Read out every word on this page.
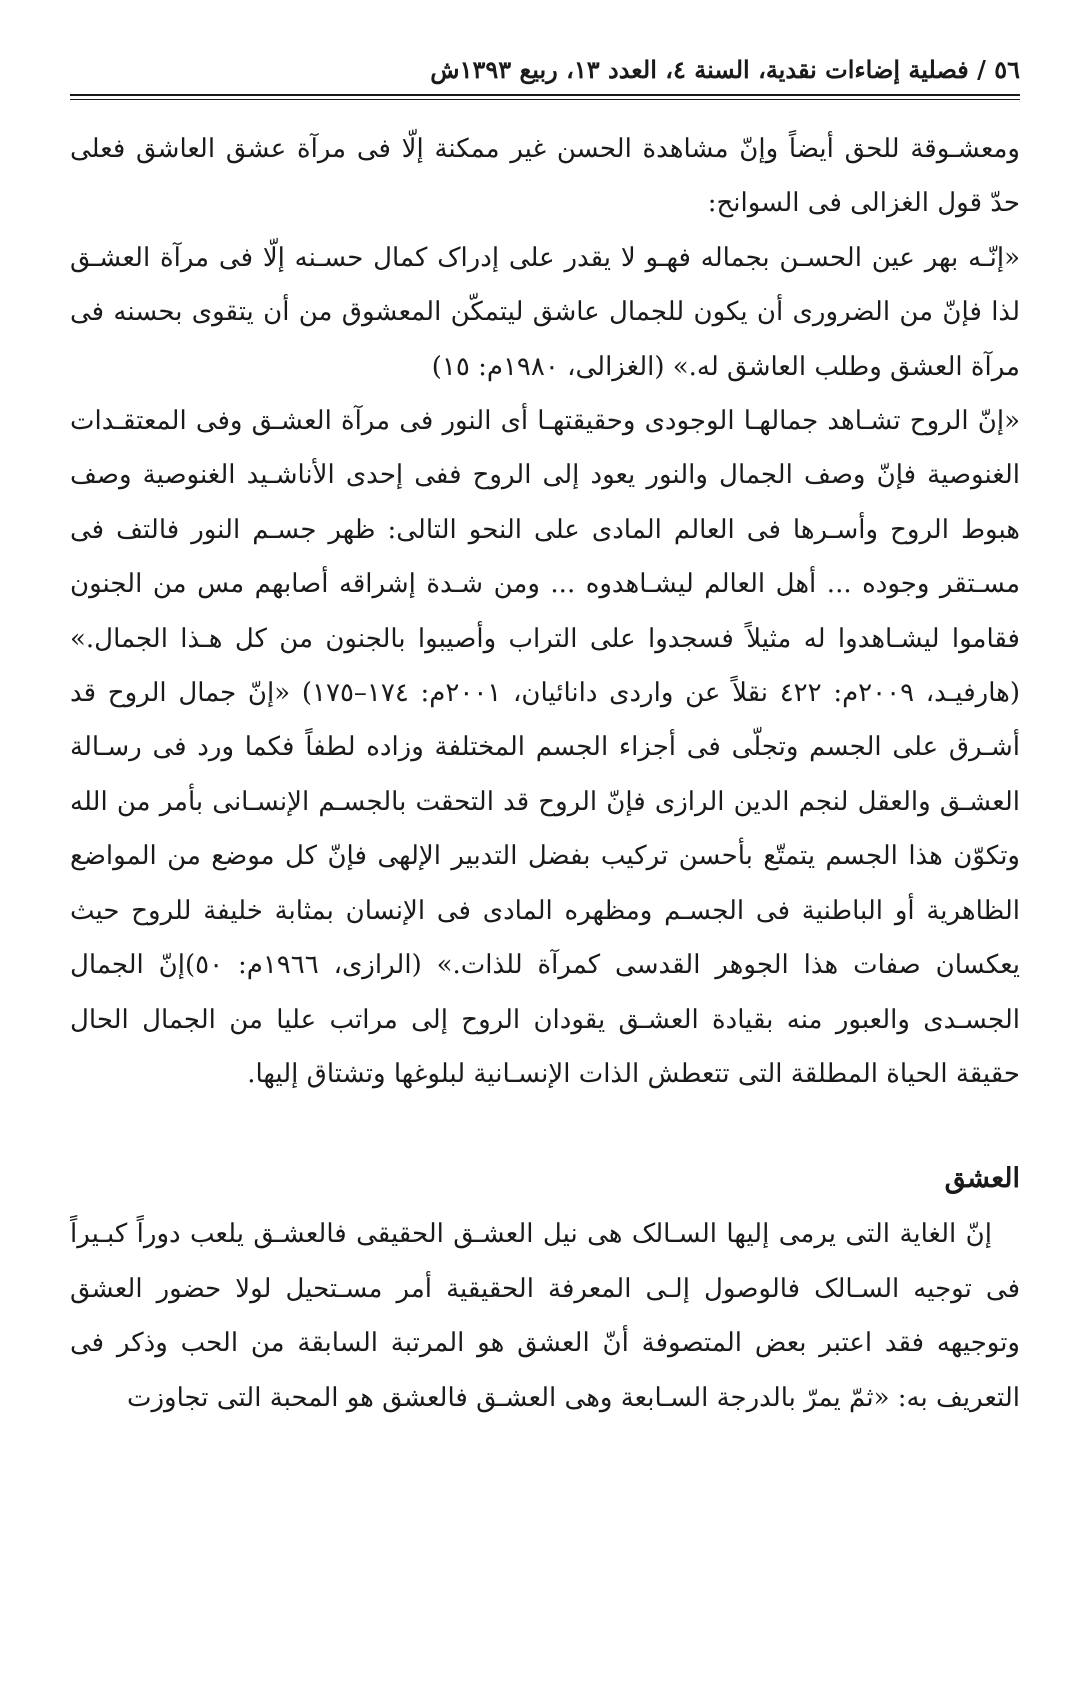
٥٦ / فصلية إضاءات نقدية، السنة ٤، العدد ١٣، ربيع ١٣٩٣ش

ومعشـوقة للحق أيضاً وإنّ مشاهدة الحسن غير ممكنة إلّا فى مرآة عشق العاشق فعلى حدّ قول الغزالى فى السوانح:

«إنّـه بهر عين الحسـن بجماله فهـو لا يقدر على إدراک كمال حسـنه إلّا فى مرآة العشـق لذا فإنّ من الضرورى أن يكون للجمال عاشق ليتمكّن المعشوق من أن يتقوى بحسنه فى مرآة العشق وطلب العاشق له.» (الغزالى، ١٩٨٠م: ١٥)

«إنّ الروح تشـاهد جمالهـا الوجودى وحقيقتهـا أى النور فى مرآة العشـق وفى المعتقـدات الغنوصية فإنّ وصف الجمال والنور يعود إلى الروح ففى إحدى الأناشـيد الغنوصية وصف هبوط الروح وأسـرها فى العالم المادى على النحو التالى: ظهر جسـم النور فالتف فى مسـتقر وجوده ... أهل العالم ليشـاهدوه ... ومن شـدة إشراقه أصابهم مس من الجنون فقاموا ليشـاهدوا له مثيلاً فسجدوا على التراب وأصيبوا بالجنون من كل هـذا الجمال.» (هارفيـد، ٢٠٠٩م: ٤٢٢ نقلاً عن واردى دانائيان، ٢٠٠١م: ١٧٤–١٧٥) «إنّ جمال الروح قد أشـرق على الجسم وتجلّى فى أجزاء الجسم المختلفة وزاده لطفاً فكما ورد فى رسـالة العشـق والعقل لنجم الدين الرازى فإنّ الروح قد التحقت بالجسـم الإنسـانى بأمر من الله وتكوّن هذا الجسم يتمتّع بأحسن تركيب بفضل التدبير الإلهى فإنّ كل موضع من المواضع الظاهرية أو الباطنية فى الجسـم ومظهره المادى فى الإنسان بمثابة خليفة للروح حيث يعكسان صفات هذا الجوهر القدسى كمرآة للذات.» (الرازى، ١٩٦٦م: ٥٠)إنّ الجمال الجسـدى والعبور منه بقيادة العشـق يقودان الروح إلى مراتب عليا من الجمال الحال حقيقة الحياة المطلقة التى تتعطش الذات الإنسـانية لبلوغها وتشتاق إليها.

العشق

إنّ الغاية التى يرمى إليها السـالک هى نيل العشـق الحقيقى فالعشـق يلعب دوراً كبـيراً فى توجيه السـالک فالوصول إلـى المعرفة الحقيقية أمر مسـتحيل لولا حضور العشق وتوجيهه فقد اعتبر بعض المتصوفة أنّ العشق هو المرتبة السابقة من الحب وذكر فى التعريف به: «ثمّ يمرّ بالدرجة السـابعة وهى العشـق فالعشق هو المحبة التى تجاوزت
